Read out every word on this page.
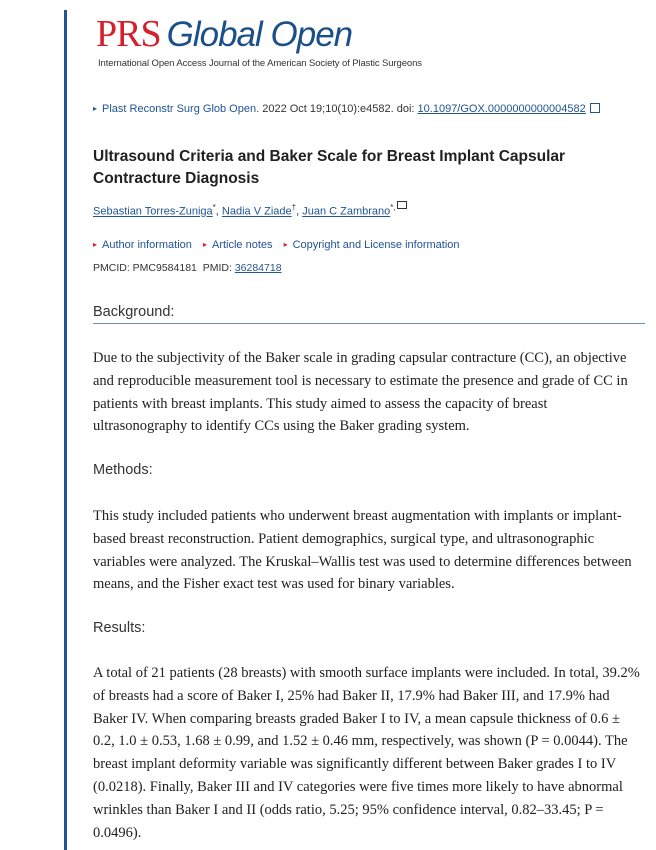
PRS Global Open
International Open Access Journal of the American Society of Plastic Surgeons
▸ Plast Reconstr Surg Glob Open. 2022 Oct 19;10(10):e4582. doi: 10.1097/GOX.0000000000004582
Ultrasound Criteria and Baker Scale for Breast Implant Capsular Contracture Diagnosis
Sebastian Torres-Zuniga*, Nadia V Ziade†, Juan C Zambrano*,
▸ Author information ▸ Article notes ▸ Copyright and License information
PMCID: PMC9584181 PMID: 36284718
Background:
Due to the subjectivity of the Baker scale in grading capsular contracture (CC), an objective and reproducible measurement tool is necessary to estimate the presence and grade of CC in patients with breast implants. This study aimed to assess the capacity of breast ultrasonography to identify CCs using the Baker grading system.
Methods:
This study included patients who underwent breast augmentation with implants or implant-based breast reconstruction. Patient demographics, surgical type, and ultrasonographic variables were analyzed. The Kruskal–Wallis test was used to determine differences between means, and the Fisher exact test was used for binary variables.
Results:
A total of 21 patients (28 breasts) with smooth surface implants were included. In total, 39.2% of breasts had a score of Baker I, 25% had Baker II, 17.9% had Baker III, and 17.9% had Baker IV. When comparing breasts graded Baker I to IV, a mean capsule thickness of 0.6 ± 0.2, 1.0 ± 0.53, 1.68 ± 0.99, and 1.52 ± 0.46 mm, respectively, was shown (P = 0.0044). The breast implant deformity variable was significantly different between Baker grades I to IV (0.0218). Finally, Baker III and IV categories were five times more likely to have abnormal wrinkles than Baker I and II (odds ratio, 5.25; 95% confidence interval, 0.82–33.45; P = 0.0496).
